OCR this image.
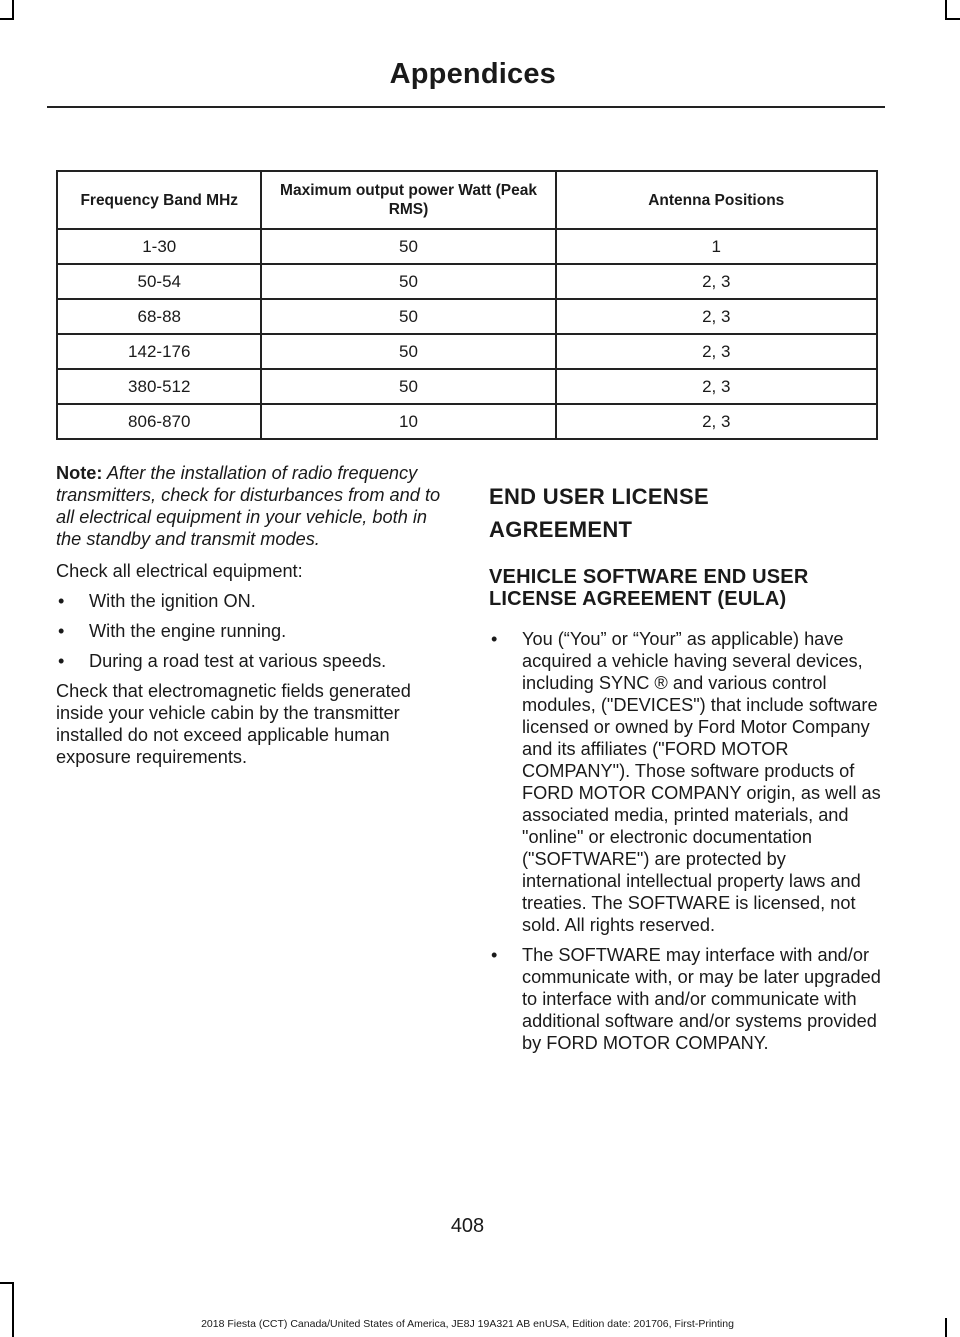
Appendices
Frequency Band MHz	Maximum output power Watt (Peak RMS)	Antenna Positions
1-30	50	1
50-54	50	2, 3
68-88	50	2, 3
142-176	50	2, 3
380-512	50	2, 3
806-870	10	2, 3

Note: After the installation of radio frequency transmitters, check for disturbances from and to all electrical equipment in your vehicle, both in the standby and transmit modes.

Check all electrical equipment:

• With the ignition ON.
• With the engine running.
• During a road test at various speeds.

Check that electromagnetic fields generated inside your vehicle cabin by the transmitter installed do not exceed applicable human exposure requirements.

END USER LICENSE
AGREEMENT
VEHICLE SOFTWARE END USER LICENSE AGREEMENT (EULA)
• You (“You” or “Your” as applicable) have acquired a vehicle having several devices, including SYNC ® and various control modules, ("DEVICES") that include software licensed or owned by Ford Motor Company and its affiliates ("FORD MOTOR COMPANY"). Those software products of FORD MOTOR COMPANY origin, as well as associated media, printed materials, and "online" or electronic documentation ("SOFTWARE") are protected by international intellectual property laws and treaties. The SOFTWARE is licensed, not sold. All rights reserved.
• The SOFTWARE may interface with and/or communicate with, or may be later upgraded to interface with and/or communicate with additional software and/or systems provided by FORD MOTOR COMPANY.
408
2018 Fiesta (CCT) Canada/United States of America, JE8J 19A321 AB enUSA, Edition date: 201706, First-Printing
